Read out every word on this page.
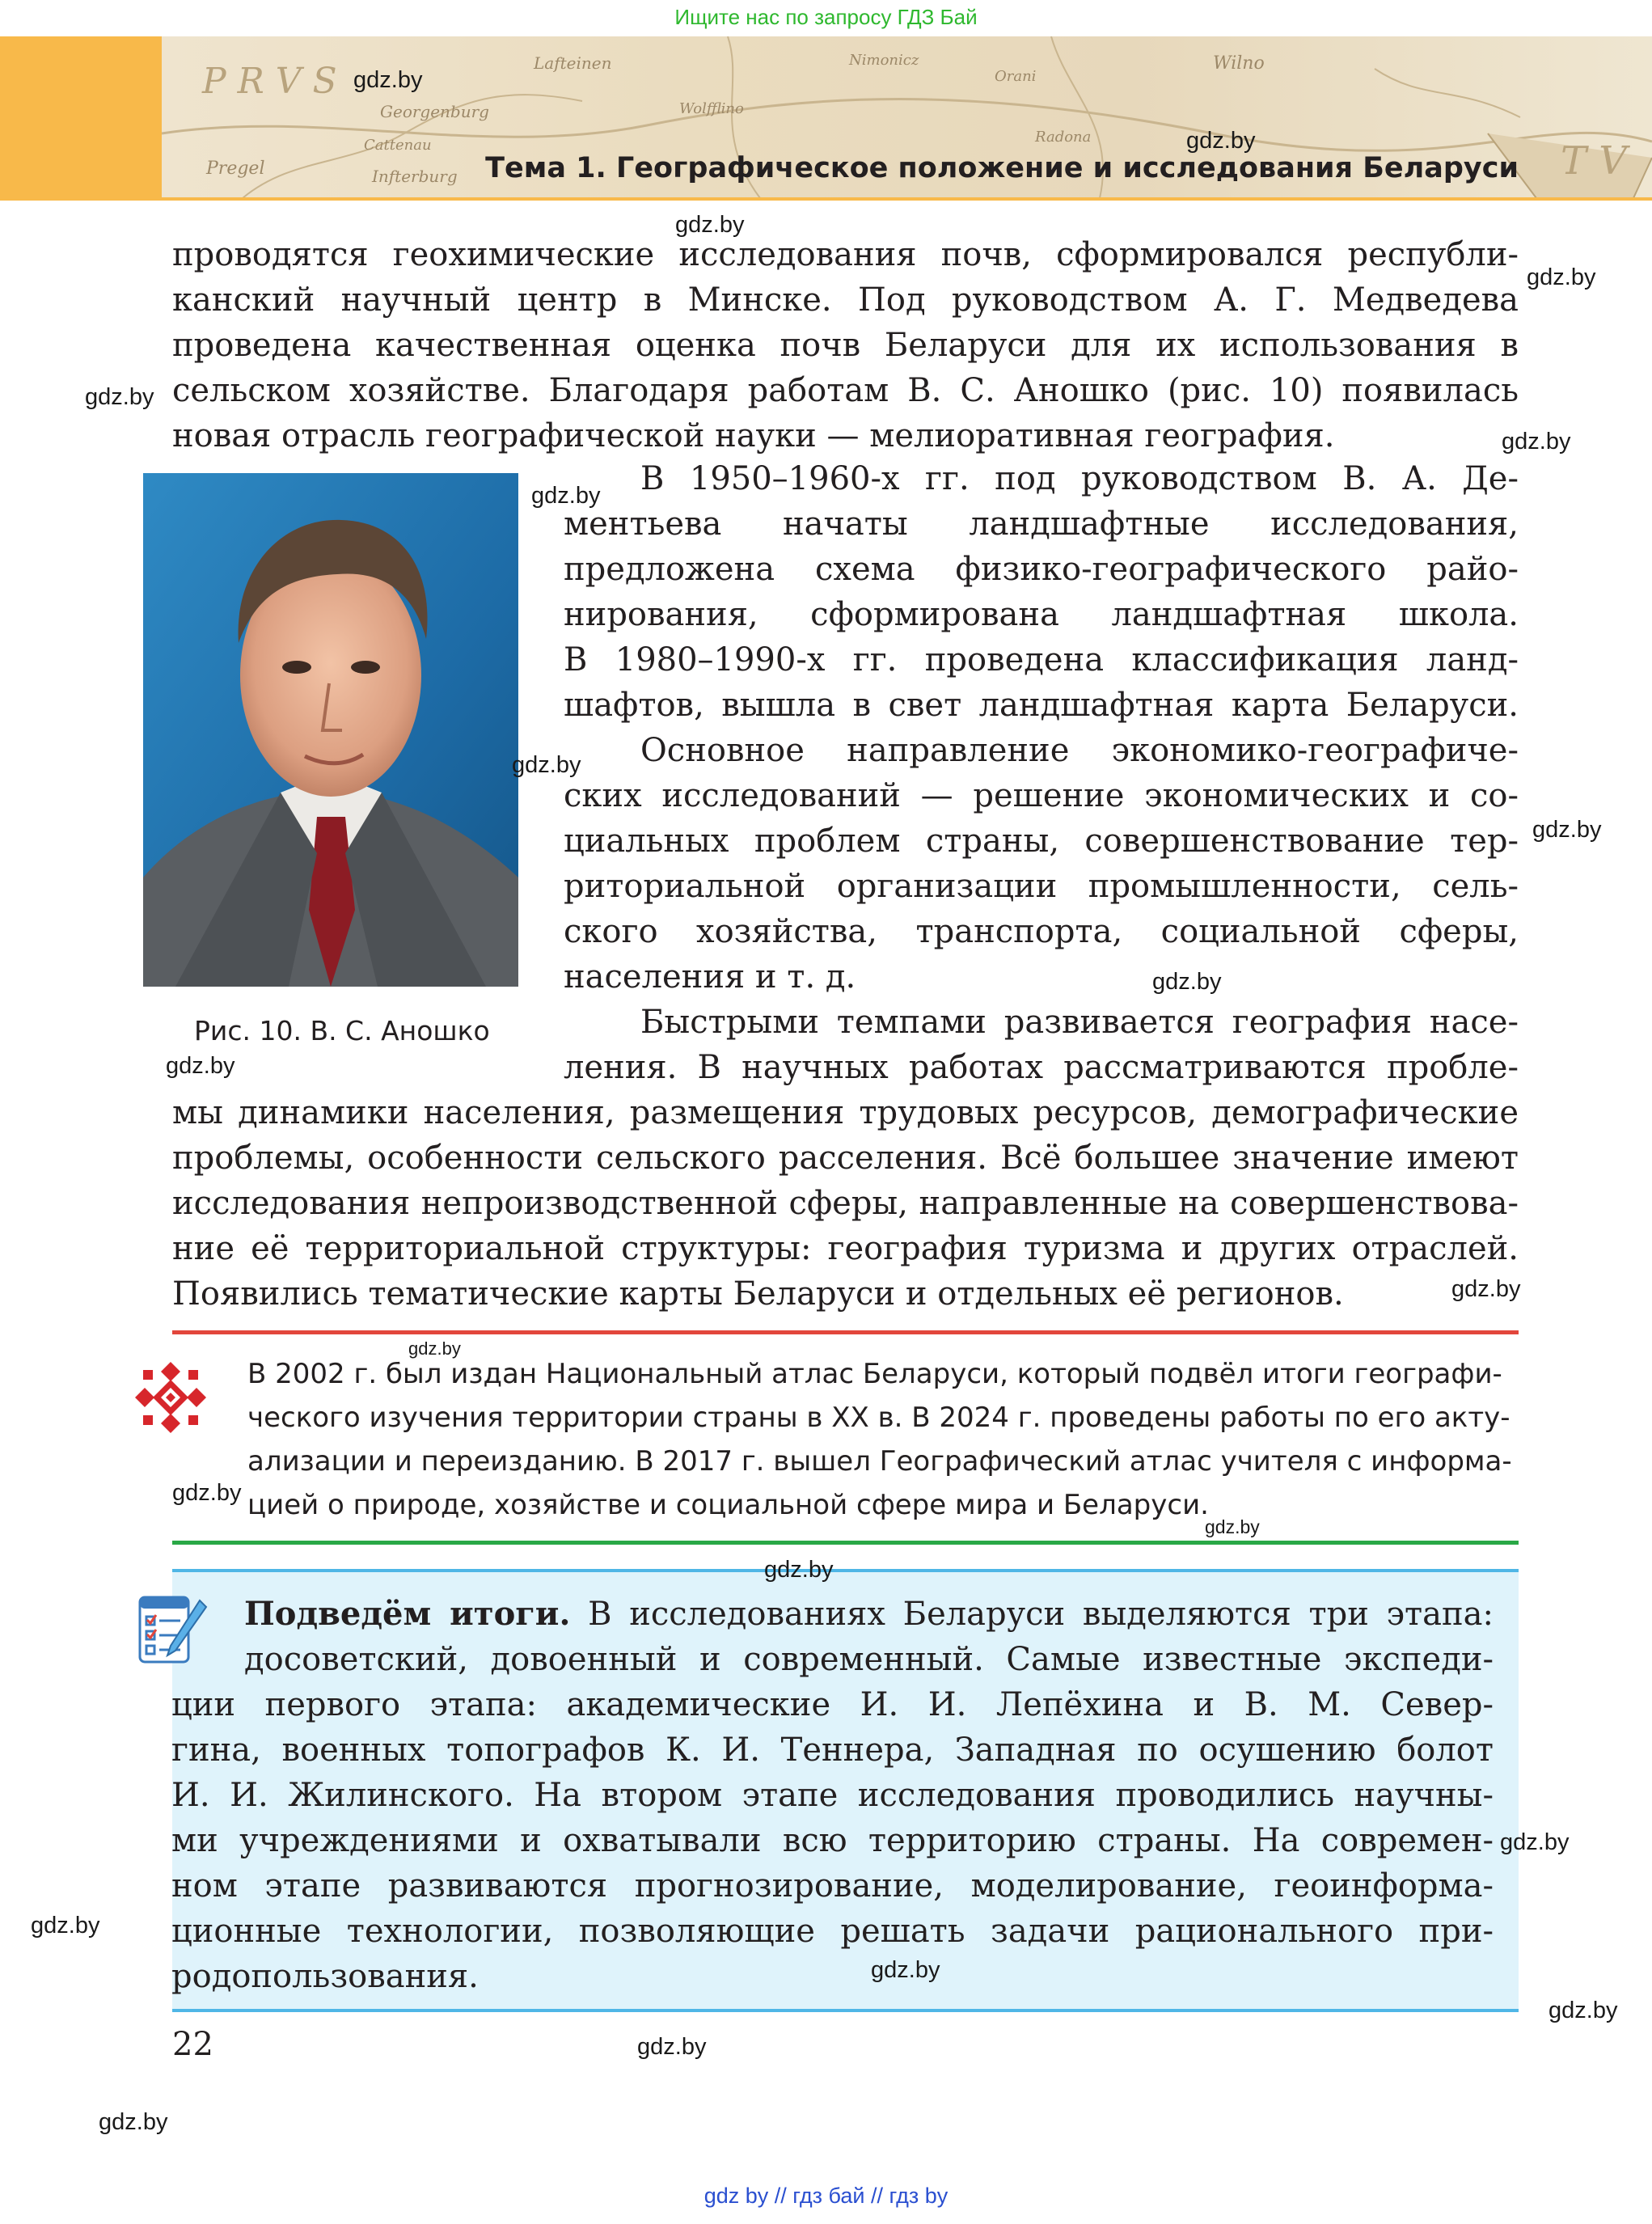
Ищите нас по запросу ГДЗ Бай
P R V S	Lafteinen
Georgenburg
Cattenau
Wolfflino
Nimonicz
Orani
Wilno
Radona
Pregel	Infterburg	T V
Тема 1. Географическое положение и исследования Беларуси
проводятся геохимические исследования почв, сформировался республи-
канский научный центр в Минске. Под руководством А. Г. Медведева
проведена качественная оценка почв Беларуси для их использования в
сельском хозяйстве. Благодаря работам В. С. Аношко (рис. 10) появилась
новая отрасль географической науки — мелиоративная география.
Рис. 10. В. С. Аношко
В 1950–1960-х гг. под руководством В. А. Де-
ментьева начаты ландшафтные исследования,
предложена схема физико-географического райо-
нирования, сформирована ландшафтная школа.
В 1980–1990-х гг. проведена классификация ланд-
шафтов, вышла в свет ландшафтная карта Беларуси.
Основное направление экономико-географиче-
ских исследований — решение экономических и со-
циальных проблем страны, совершенствование тер-
риториальной организации промышленности, сель-
ского хозяйства, транспорта, социальной сферы,
населения и т. д.
Быстрыми темпами развивается география насе-
ления. В научных работах рассматриваются пробле-
мы динамики населения, размещения трудовых ресурсов, демографические
проблемы, особенности сельского расселения. Всё большее значение имеют
исследования непроизводственной сферы, направленные на совершенствова-
ние её территориальной структуры: география туризма и других отраслей.
Появились тематические карты Беларуси и отдельных её регионов.
В 2002 г. был издан Национальный атлас Беларуси, который подвёл итоги географи-
ческого изучения территории страны в XX в. В 2024 г. проведены работы по его акту-
ализации и переизданию. В 2017 г. вышел Географический атлас учителя с информа-
цией о природе, хозяйстве и социальной сфере мира и Беларуси.
Подведём итоги. В исследованиях Беларуси выделяются три этапа:
досоветский, довоенный и современный. Самые известные экспеди-
ции первого этапа: академические И. И. Лепёхина и В. М. Север-
гина, военных топографов К. И. Теннера, Западная по осушению болот
И. И. Жилинского. На втором этапе исследования проводились научны-
ми учреждениями и охватывали всю территорию страны. На современ-
ном этапе развиваются прогнозирование, моделирование, геоинформа-
ционные технологии, позволяющие решать задачи рационального при-
родопользования.
22
gdz.by
gdz.by
gdz.by
gdz.by
gdz.by
gdz.by
gdz.by
gdz.by
gdz.by
gdz.by
gdz.by
gdz.by
gdz.by
gdz.by
gdz.by
gdz.by
gdz.by
gdz.by
gdz.by
gdz.by
gdz.by
gdz.by
gdz by // гдз бай // гдз by
